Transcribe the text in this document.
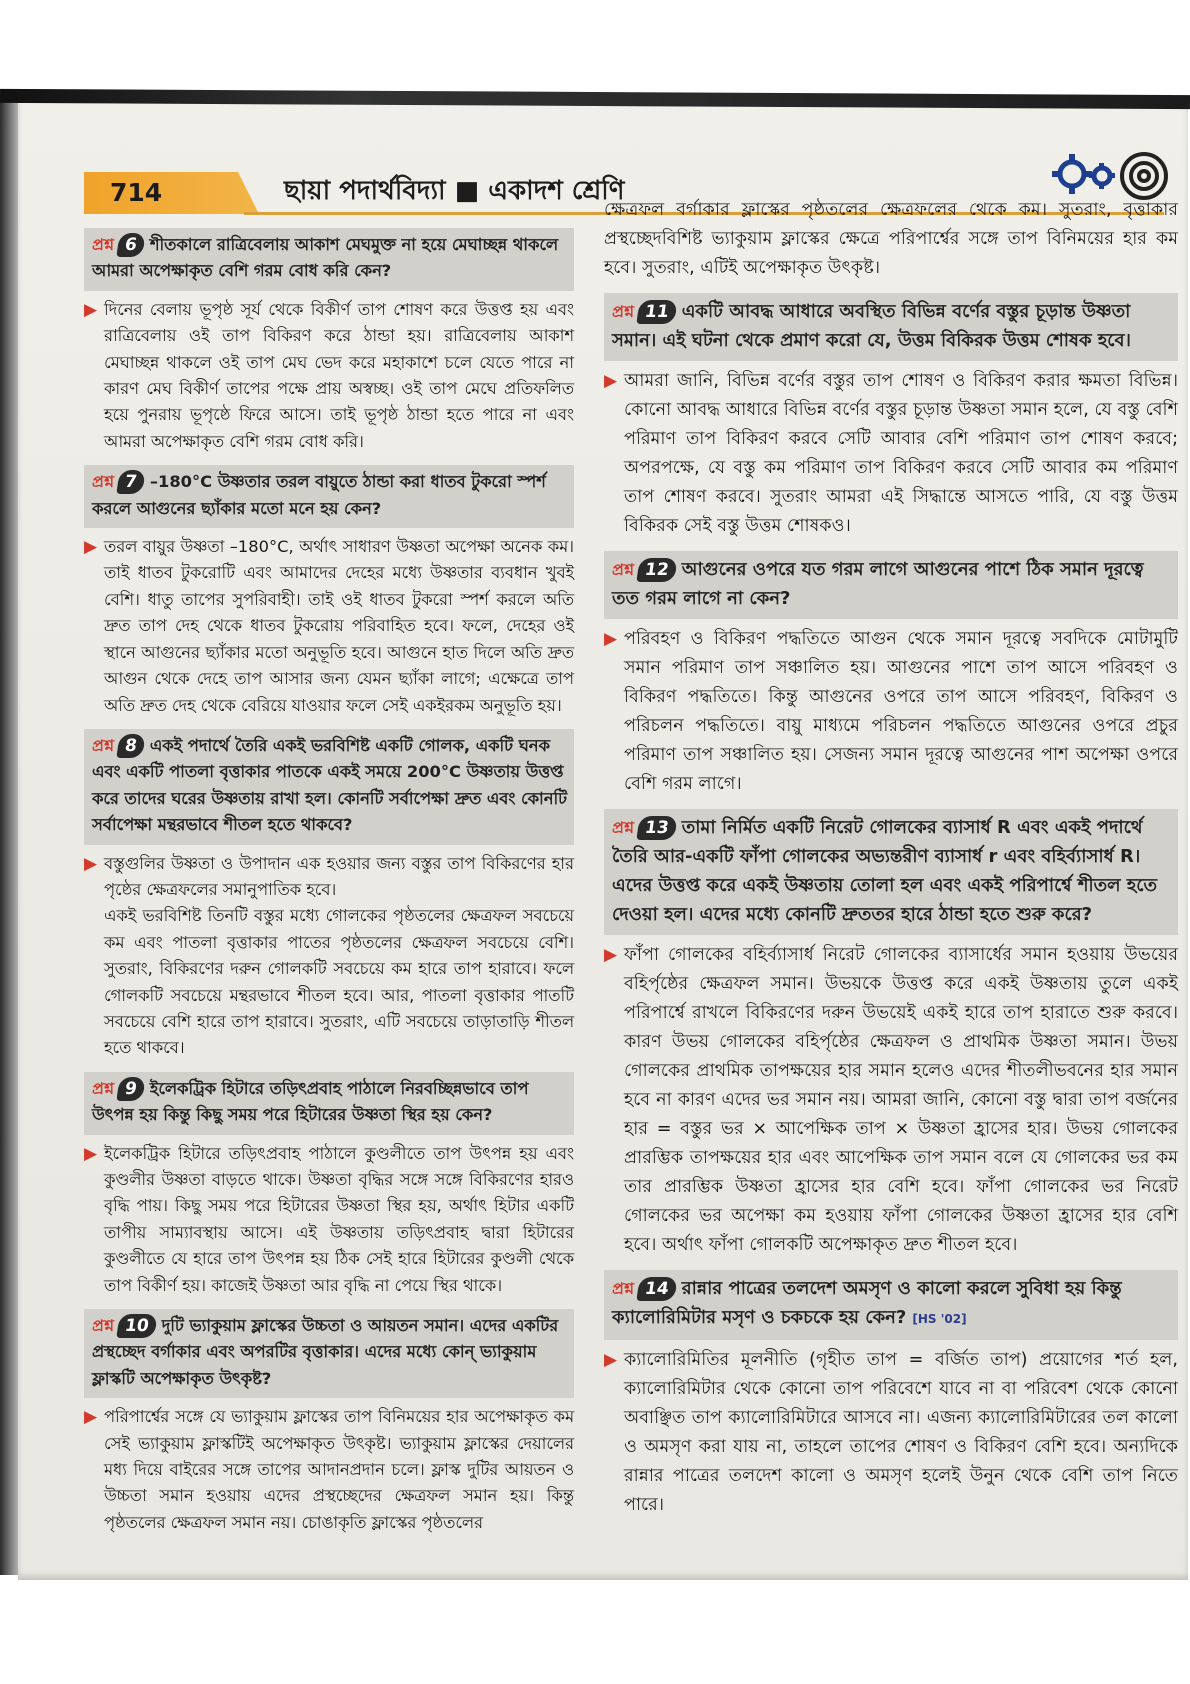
714	ছায়া পদার্থবিদ্যা ■ একাদশ শ্রেণি
প্রশ্ন 6 শীতকালে রাত্রিবেলায় আকাশ মেঘমুক্ত না হয়ে মেঘাচ্ছন্ন থাকলে আমরা অপেক্ষাকৃত বেশি গরম বোধ করি কেন?
▶ দিনের বেলায় ভূপৃষ্ঠ সূর্য থেকে বিকীর্ণ তাপ শোষণ করে উত্তপ্ত হয় এবং রাত্রিবেলায় ওই তাপ বিকিরণ করে ঠান্ডা হয়। রাত্রিবেলায় আকাশ মেঘাচ্ছন্ন থাকলে ওই তাপ মেঘ ভেদ করে মহাকাশে চলে যেতে পারে না কারণ মেঘ বিকীর্ণ তাপের পক্ষে প্রায় অস্বচ্ছ। ওই তাপ মেঘে প্রতিফলিত হয়ে পুনরায় ভূপৃষ্ঠে ফিরে আসে। তাই ভূপৃষ্ঠ ঠান্ডা হতে পারে না এবং আমরা অপেক্ষাকৃত বেশি গরম বোধ করি।

প্রশ্ন 7 –180°C উষ্ণতার তরল বায়ুতে ঠান্ডা করা ধাতব টুকরো স্পর্শ করলে আগুনের ছ্যাঁকার মতো মনে হয় কেন?
▶ তরল বায়ুর উষ্ণতা –180°C, অর্থাৎ সাধারণ উষ্ণতা অপেক্ষা অনেক কম। তাই ধাতব টুকরোটি এবং আমাদের দেহের মধ্যে উষ্ণতার ব্যবধান খুবই বেশি। ধাতু তাপের সুপরিবাহী। তাই ওই ধাতব টুকরো স্পর্শ করলে অতি দ্রুত তাপ দেহ থেকে ধাতব টুকরোয় পরিবাহিত হবে। ফলে, দেহের ওই স্থানে আগুনের ছ্যাঁকার মতো অনুভূতি হবে। আগুনে হাত দিলে অতি দ্রুত আগুন থেকে দেহে তাপ আসার জন্য যেমন ছ্যাঁকা লাগে; এক্ষেত্রে তাপ অতি দ্রুত দেহ থেকে বেরিয়ে যাওয়ার ফলে সেই একইরকম অনুভূতি হয়।

প্রশ্ন 8 একই পদার্থে তৈরি একই ভরবিশিষ্ট একটি গোলক, একটি ঘনক এবং একটি পাতলা বৃত্তাকার পাতকে একই সময়ে 200°C উষ্ণতায় উত্তপ্ত করে তাদের ঘরের উষ্ণতায় রাখা হল। কোনটি সর্বাপেক্ষা দ্রুত এবং কোনটি সর্বাপেক্ষা মন্থরভাবে শীতল হতে থাকবে?
▶ বস্তুগুলির উষ্ণতা ও উপাদান এক হওয়ার জন্য বস্তুর তাপ বিকিরণের হার পৃষ্ঠের ক্ষেত্রফলের সমানুপাতিক হবে।

একই ভরবিশিষ্ট তিনটি বস্তুর মধ্যে গোলকের পৃষ্ঠতলের ক্ষেত্রফল সবচেয়ে কম এবং পাতলা বৃত্তাকার পাতের পৃষ্ঠতলের ক্ষেত্রফল সবচেয়ে বেশি। সুতরাং, বিকিরণের দরুন গোলকটি সবচেয়ে কম হারে তাপ হারাবে। ফলে গোলকটি সবচেয়ে মন্থরভাবে শীতল হবে। আর, পাতলা বৃত্তাকার পাতটি সবচেয়ে বেশি হারে তাপ হারাবে। সুতরাং, এটি সবচেয়ে তাড়াতাড়ি শীতল হতে থাকবে।

প্রশ্ন 9 ইলেকট্রিক হিটারে তড়িৎপ্রবাহ পাঠালে নিরবচ্ছিন্নভাবে তাপ উৎপন্ন হয় কিন্তু কিছু সময় পরে হিটারের উষ্ণতা স্থির হয় কেন?
▶ ইলেকট্রিক হিটারে তড়িৎপ্রবাহ পাঠালে কুণ্ডলীতে তাপ উৎপন্ন হয় এবং কুণ্ডলীর উষ্ণতা বাড়তে থাকে। উষ্ণতা বৃদ্ধির সঙ্গে সঙ্গে বিকিরণের হারও বৃদ্ধি পায়। কিছু সময় পরে হিটারের উষ্ণতা স্থির হয়, অর্থাৎ হিটার একটি তাপীয় সাম্যাবস্থায় আসে। এই উষ্ণতায় তড়িৎপ্রবাহ দ্বারা হিটারের কুণ্ডলীতে যে হারে তাপ উৎপন্ন হয় ঠিক সেই হারে হিটারের কুণ্ডলী থেকে তাপ বিকীর্ণ হয়। কাজেই উষ্ণতা আর বৃদ্ধি না পেয়ে স্থির থাকে।

প্রশ্ন 10 দুটি ভ্যাকুয়াম ফ্লাস্কের উচ্চতা ও আয়তন সমান। এদের একটির প্রস্থচ্ছেদ বর্গাকার এবং অপরটির বৃত্তাকার। এদের মধ্যে কোন্ ভ্যাকুয়াম ফ্লাস্কটি অপেক্ষাকৃত উৎকৃষ্ট?
▶ পরিপার্শ্বের সঙ্গে যে ভ্যাকুয়াম ফ্লাস্কের তাপ বিনিময়ের হার অপেক্ষাকৃত কম সেই ভ্যাকুয়াম ফ্লাস্কটিই অপেক্ষাকৃত উৎকৃষ্ট। ভ্যাকুয়াম ফ্লাস্কের দেয়ালের মধ্য দিয়ে বাইরের সঙ্গে তাপের আদানপ্রদান চলে। ফ্লাস্ক দুটির আয়তন ও উচ্চতা সমান হওয়ায় এদের প্রস্থচ্ছেদের ক্ষেত্রফল সমান হয়। কিন্তু পৃষ্ঠতলের ক্ষেত্রফল সমান নয়। চোঙাকৃতি ফ্লাস্কের পৃষ্ঠতলের

ক্ষেত্রফল বর্গাকার ফ্লাস্কের পৃষ্ঠতলের ক্ষেত্রফলের থেকে কম। সুতরাং, বৃত্তাকার প্রস্থচ্ছেদবিশিষ্ট ভ্যাকুয়াম ফ্লাস্কের ক্ষেত্রে পরিপার্শ্বের সঙ্গে তাপ বিনিময়ের হার কম হবে। সুতরাং, এটিই অপেক্ষাকৃত উৎকৃষ্ট।
প্রশ্ন 11 একটি আবদ্ধ আধারে অবস্থিত বিভিন্ন বর্ণের বস্তুর চূড়ান্ত উষ্ণতা সমান। এই ঘটনা থেকে প্রমাণ করো যে, উত্তম বিকিরক উত্তম শোষক হবে।
▶ আমরা জানি, বিভিন্ন বর্ণের বস্তুর তাপ শোষণ ও বিকিরণ করার ক্ষমতা বিভিন্ন। কোনো আবদ্ধ আধারে বিভিন্ন বর্ণের বস্তুর চূড়ান্ত উষ্ণতা সমান হলে, যে বস্তু বেশি পরিমাণ তাপ বিকিরণ করবে সেটি আবার বেশি পরিমাণ তাপ শোষণ করবে; অপরপক্ষে, যে বস্তু কম পরিমাণ তাপ বিকিরণ করবে সেটি আবার কম পরিমাণ তাপ শোষণ করবে। সুতরাং আমরা এই সিদ্ধান্তে আসতে পারি, যে বস্তু উত্তম বিকিরক সেই বস্তু উত্তম শোষকও।

প্রশ্ন 12 আগুনের ওপরে যত গরম লাগে আগুনের পাশে ঠিক সমান দূরত্বে তত গরম লাগে না কেন?
▶ পরিবহণ ও বিকিরণ পদ্ধতিতে আগুন থেকে সমান দূরত্বে সবদিকে মোটামুটি সমান পরিমাণ তাপ সঞ্চালিত হয়। আগুনের পাশে তাপ আসে পরিবহণ ও বিকিরণ পদ্ধতিতে। কিন্তু আগুনের ওপরে তাপ আসে পরিবহণ, বিকিরণ ও পরিচলন পদ্ধতিতে। বায়ু মাধ্যমে পরিচলন পদ্ধতিতে আগুনের ওপরে প্রচুর পরিমাণ তাপ সঞ্চালিত হয়। সেজন্য সমান দূরত্বে আগুনের পাশ অপেক্ষা ওপরে বেশি গরম লাগে।

প্রশ্ন 13 তামা নির্মিত একটি নিরেট গোলকের ব্যাসার্ধ R এবং একই পদার্থে তৈরি আর-একটি ফাঁপা গোলকের অভ্যন্তরীণ ব্যাসার্ধ r এবং বহির্ব্যাসার্ধ R। এদের উত্তপ্ত করে একই উষ্ণতায় তোলা হল এবং একই পরিপার্শ্বে শীতল হতে দেওয়া হল। এদের মধ্যে কোনটি দ্রুততর হারে ঠান্ডা হতে শুরু করে?
▶ ফাঁপা গোলকের বহির্ব্যাসার্ধ নিরেট গোলকের ব্যাসার্ধের সমান হওয়ায় উভয়ের বহির্পৃষ্ঠের ক্ষেত্রফল সমান। উভয়কে উত্তপ্ত করে একই উষ্ণতায় তুলে একই পরিপার্শ্বে রাখলে বিকিরণের দরুন উভয়েই একই হারে তাপ হারাতে শুরু করবে। কারণ উভয় গোলকের বহির্পৃষ্ঠের ক্ষেত্রফল ও প্রাথমিক উষ্ণতা সমান। উভয় গোলকের প্রাথমিক তাপক্ষয়ের হার সমান হলেও এদের শীতলীভবনের হার সমান হবে না কারণ এদের ভর সমান নয়। আমরা জানি, কোনো বস্তু দ্বারা তাপ বর্জনের হার = বস্তুর ভর × আপেক্ষিক তাপ × উষ্ণতা হ্রাসের হার। উভয় গোলকের প্রারম্ভিক তাপক্ষয়ের হার এবং আপেক্ষিক তাপ সমান বলে যে গোলকের ভর কম তার প্রারম্ভিক উষ্ণতা হ্রাসের হার বেশি হবে। ফাঁপা গোলকের ভর নিরেট গোলকের ভর অপেক্ষা কম হওয়ায় ফাঁপা গোলকের উষ্ণতা হ্রাসের হার বেশি হবে। অর্থাৎ ফাঁপা গোলকটি অপেক্ষাকৃত দ্রুত শীতল হবে।

প্রশ্ন 14 রান্নার পাত্রের তলদেশ অমসৃণ ও কালো করলে সুবিধা হয় কিন্তু ক্যালোরিমিটার মসৃণ ও চকচকে হয় কেন? [HS '02]
▶ ক্যালোরিমিতির মূলনীতি (গৃহীত তাপ = বর্জিত তাপ) প্রয়োগের শর্ত হল, ক্যালোরিমিটার থেকে কোনো তাপ পরিবেশে যাবে না বা পরিবেশ থেকে কোনো অবাঞ্ছিত তাপ ক্যালোরিমিটারে আসবে না। এজন্য ক্যালোরিমিটারের তল কালো ও অমসৃণ করা যায় না, তাহলে তাপের শোষণ ও বিকিরণ বেশি হবে। অন্যদিকে রান্নার পাত্রের তলদেশ কালো ও অমসৃণ হলেই উনুন থেকে বেশি তাপ নিতে পারে।
